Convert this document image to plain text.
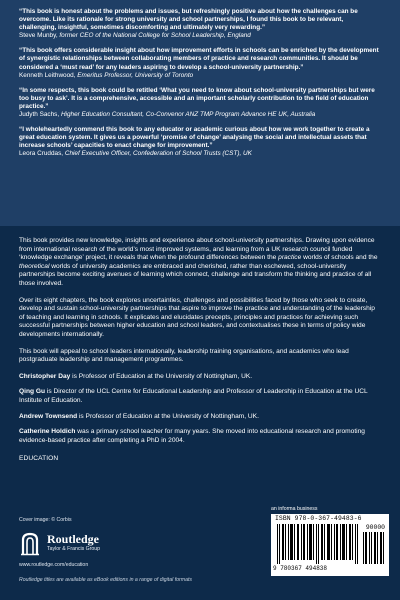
“This book is honest about the problems and issues, but refreshingly positive about how the challenges can be overcome. Like its rationale for strong university and school partnerships, I found this book to be relevant, challenging, insightful, sometimes discomforting and ultimately very rewarding.”
Steve Munby, former CEO of the National College for School Leadership, England
“This book offers considerable insight about how improvement efforts in schools can be enriched by the development of synergistic relationships between collaborating members of practice and research communities. It should be considered a ‘must read’ for any leaders aspiring to develop a school-university partnership.”
Kenneth Leithwood, Emeritus Professor, University of Toronto
“In some respects, this book could be retitled ‘What you need to know about school-university partnerships but were too busy to ask’. It is a comprehensive, accessible and an important scholarly contribution to the field of education practice.”
Judyth Sachs, Higher Education Consultant, Co-Convenor ANZ TMP Program Advance HE UK, Australia
“I wholeheartedly commend this book to any educator or academic curious about how we work together to create a great education system. It gives us a powerful ‘promise of change’ analysing the social and intellectual assets that increase schools’ capacities to enact change for improvement.”
Leora Cruddas, Chief Executive Officer, Confederation of School Trusts (CST), UK

This book provides new knowledge, insights and experience about school-university partnerships. Drawing upon evidence from international research of the world’s most improved systems, and learning from a UK research council funded ‘knowledge exchange’ project, it reveals that when the profound differences between the practice worlds of schools and the theoretical worlds of university academics are embraced and cherished, rather than eschewed, school-university partnerships become exciting avenues of learning which connect, challenge and transform the thinking and practice of all those involved.

Over its eight chapters, the book explores uncertainties, challenges and possibilities faced by those who seek to create, develop and sustain school-university partnerships that aspire to improve the practice and understanding of the leadership of teaching and learning in schools. It explicates and elucidates precepts, principles and practices for achieving such successful partnerships between higher education and school leaders, and contextualises these in terms of policy wide developments internationally.

This book will appeal to school leaders internationally, leadership training organisations, and academics who lead postgraduate leadership and management programmes.

Christopher Day is Professor of Education at the University of Nottingham, UK.

Qing Gu is Director of the UCL Centre for Educational Leadership and Professor of Leadership in Education at the UCL Institute of Education.

Andrew Townsend is Professor of Education at the University of Nottingham, UK.

Catherine Holdich was a primary school teacher for many years. She moved into educational research and promoting evidence-based practice after completing a PhD in 2004.

EDUCATION
Cover image: © Corbis
Routledge
Taylor & Francis Group
www.routledge.com/education
Routledge titles are available as eBook editions in a range of digital formats
an informa business
ISBN 978-0-367-49483-6
90000
9 780367 494838
